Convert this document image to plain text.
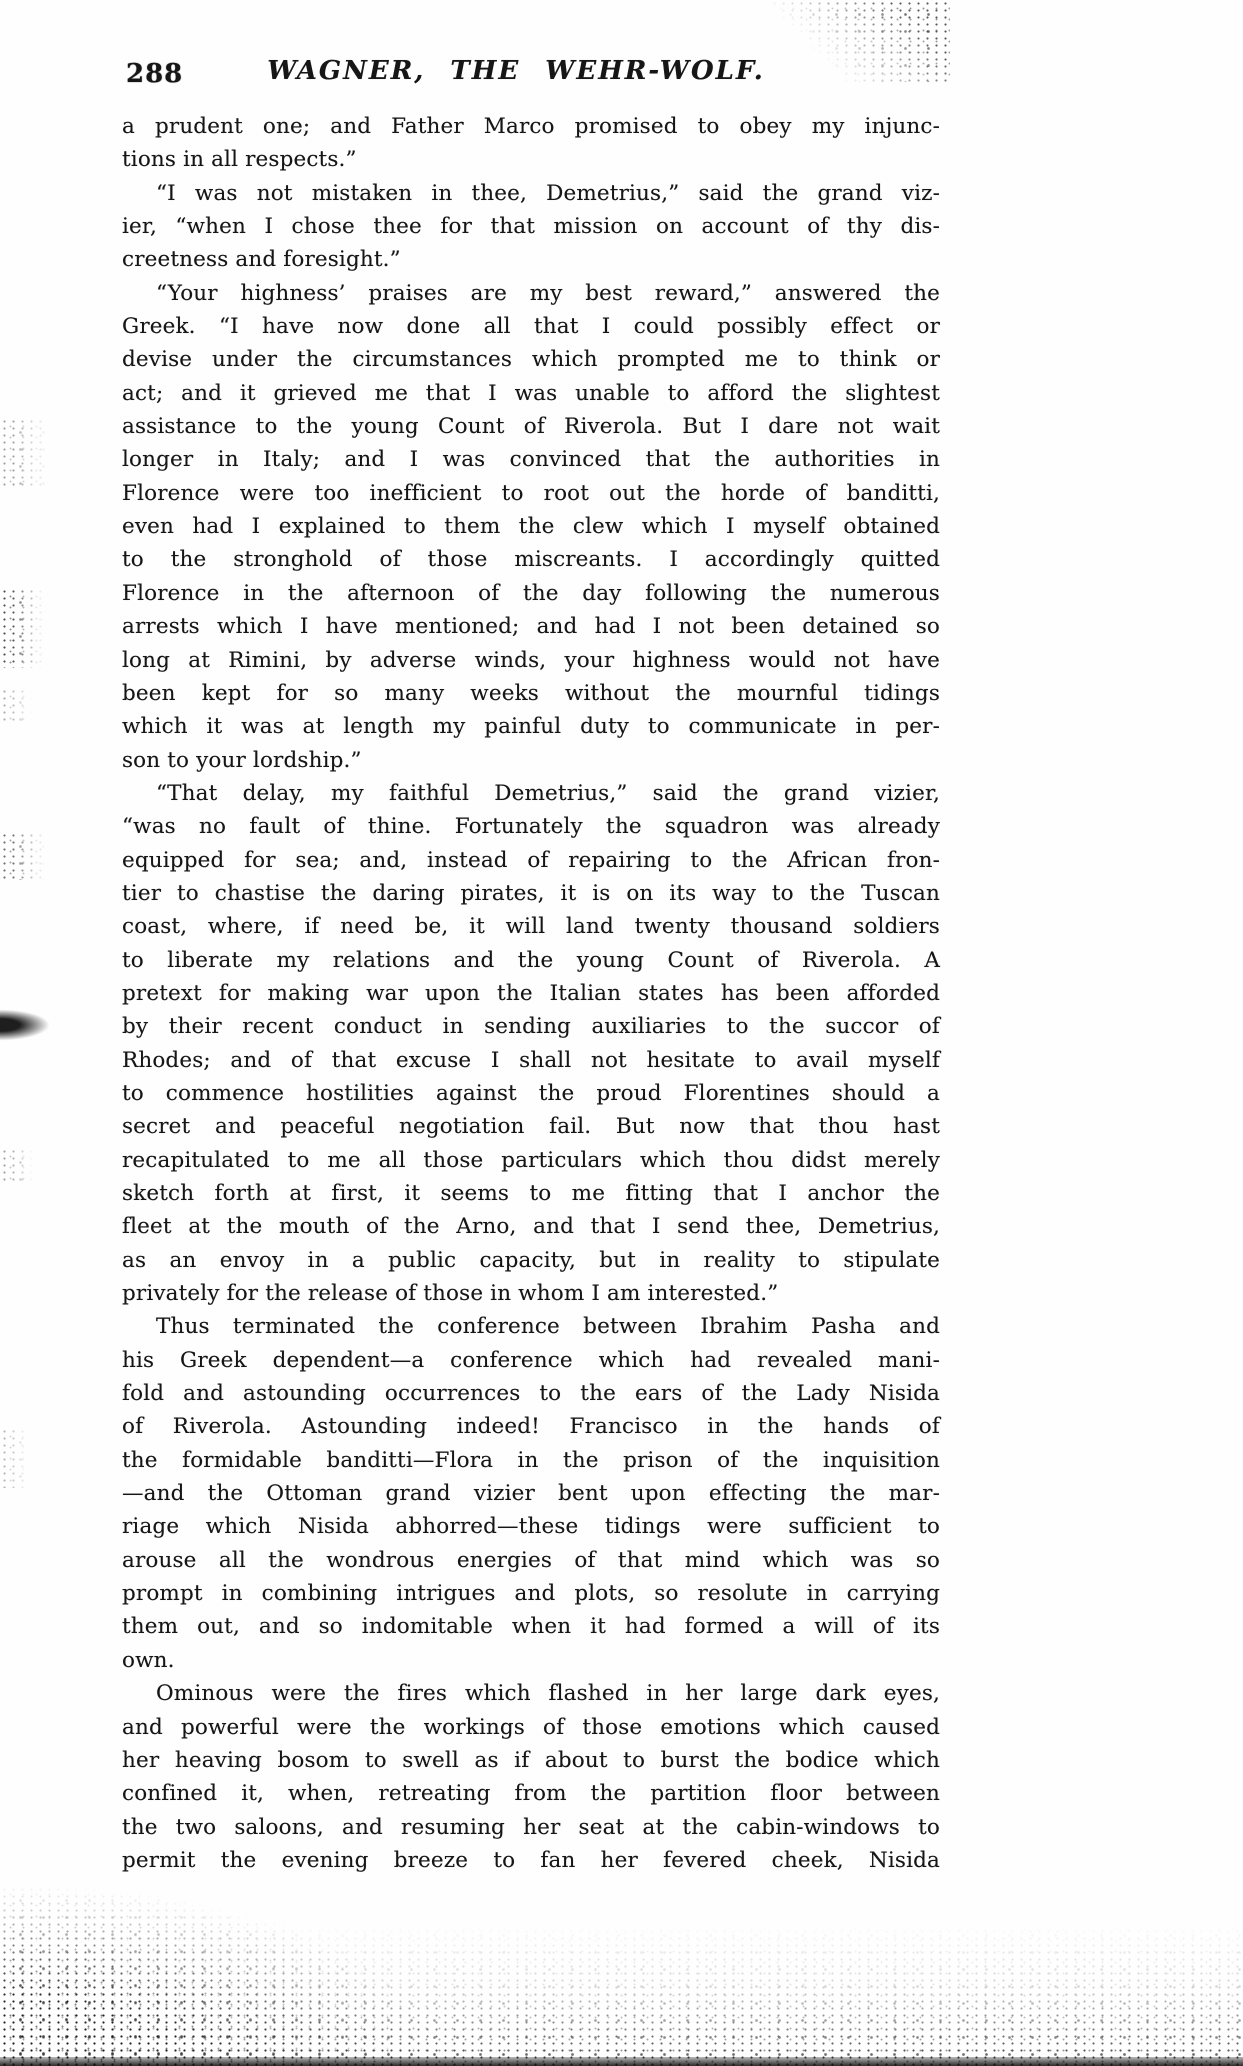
288	WAGNER, THE WEHR-WOLF.
a prudent one; and Father Marco promised to obey my injunc-
tions in all respects.”
“I was not mistaken in thee, Demetrius,” said the grand viz-
ier, “when I chose thee for that mission on account of thy dis-
creetness and foresight.”
“Your highness’ praises are my best reward,” answered the
Greek. “I have now done all that I could possibly effect or
devise under the circumstances which prompted me to think or
act; and it grieved me that I was unable to afford the slightest
assistance to the young Count of Riverola. But I dare not wait
longer in Italy; and I was convinced that the authorities in
Florence were too inefficient to root out the horde of banditti,
even had I explained to them the clew which I myself obtained
to the stronghold of those miscreants. I accordingly quitted
Florence in the afternoon of the day following the numerous
arrests which I have mentioned; and had I not been detained so
long at Rimini, by adverse winds, your highness would not have
been kept for so many weeks without the mournful tidings
which it was at length my painful duty to communicate in per-
son to your lordship.”
“That delay, my faithful Demetrius,” said the grand vizier,
“was no fault of thine. Fortunately the squadron was already
equipped for sea; and, instead of repairing to the African fron-
tier to chastise the daring pirates, it is on its way to the Tuscan
coast, where, if need be, it will land twenty thousand soldiers
to liberate my relations and the young Count of Riverola. A
pretext for making war upon the Italian states has been afforded
by their recent conduct in sending auxiliaries to the succor of
Rhodes; and of that excuse I shall not hesitate to avail myself
to commence hostilities against the proud Florentines should a
secret and peaceful negotiation fail. But now that thou hast
recapitulated to me all those particulars which thou didst merely
sketch forth at first, it seems to me fitting that I anchor the
fleet at the mouth of the Arno, and that I send thee, Demetrius,
as an envoy in a public capacity, but in reality to stipulate
privately for the release of those in whom I am interested.”
Thus terminated the conference between Ibrahim Pasha and
his Greek dependent—a conference which had revealed mani-
fold and astounding occurrences to the ears of the Lady Nisida
of Riverola. Astounding indeed! Francisco in the hands of
the formidable banditti—Flora in the prison of the inquisition
—and the Ottoman grand vizier bent upon effecting the mar-
riage which Nisida abhorred—these tidings were sufficient to
arouse all the wondrous energies of that mind which was so
prompt in combining intrigues and plots, so resolute in carrying
them out, and so indomitable when it had formed a will of its
own.
Ominous were the fires which flashed in her large dark eyes,
and powerful were the workings of those emotions which caused
her heaving bosom to swell as if about to burst the bodice which
confined it, when, retreating from the partition floor between
the two saloons, and resuming her seat at the cabin-windows to
permit the evening breeze to fan her fevered cheek, Nisida
